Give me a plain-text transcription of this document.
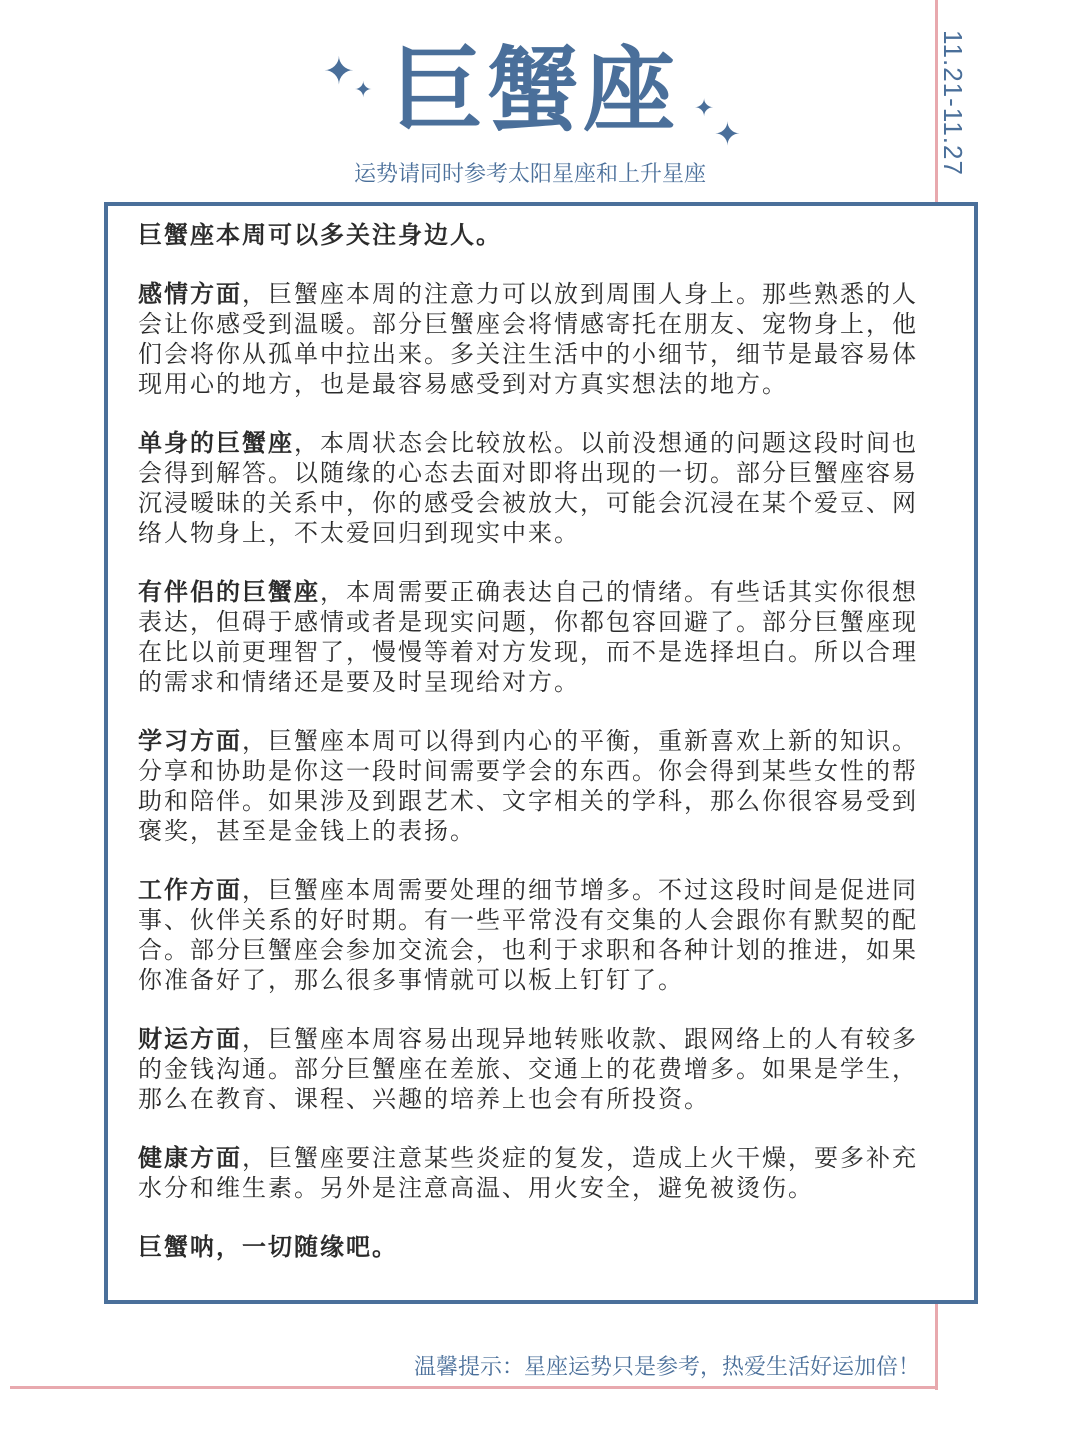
11.21-11.27
✦ ✦
✦
✦
巨蟹座
运势请同时参考太阳星座和上升星座

巨蟹座本周可以多关注身边人。

感情方面，巨蟹座本周的注意力可以放到周围人身上。那些熟悉的人会让你感受到温暖。部分巨蟹座会将情感寄托在朋友、宠物身上，他们会将你从孤单中拉出来。多关注生活中的小细节，细节是最容易体现用心的地方，也是最容易感受到对方真实想法的地方。

单身的巨蟹座，本周状态会比较放松。以前没想通的问题这段时间也会得到解答。以随缘的心态去面对即将出现的一切。部分巨蟹座容易沉浸暧昧的关系中，你的感受会被放大，可能会沉浸在某个爱豆、网络人物身上，不太爱回归到现实中来。

有伴侣的巨蟹座，本周需要正确表达自己的情绪。有些话其实你很想表达，但碍于感情或者是现实问题，你都包容回避了。部分巨蟹座现在比以前更理智了，慢慢等着对方发现，而不是选择坦白。所以合理的需求和情绪还是要及时呈现给对方。

学习方面，巨蟹座本周可以得到内心的平衡，重新喜欢上新的知识。分享和协助是你这一段时间需要学会的东西。你会得到某些女性的帮助和陪伴。如果涉及到跟艺术、文字相关的学科，那么你很容易受到褒奖，甚至是金钱上的表扬。

工作方面，巨蟹座本周需要处理的细节增多。不过这段时间是促进同事、伙伴关系的好时期。有一些平常没有交集的人会跟你有默契的配合。部分巨蟹座会参加交流会，也利于求职和各种计划的推进，如果你准备好了，那么很多事情就可以板上钉钉了。

财运方面，巨蟹座本周容易出现异地转账收款、跟网络上的人有较多的金钱沟通。部分巨蟹座在差旅、交通上的花费增多。如果是学生，那么在教育、课程、兴趣的培养上也会有所投资。

健康方面，巨蟹座要注意某些炎症的复发，造成上火干燥，要多补充水分和维生素。另外是注意高温、用火安全，避免被烫伤。

巨蟹呐，一切随缘吧。

温馨提示：星座运势只是参考，热爱生活好运加倍！
